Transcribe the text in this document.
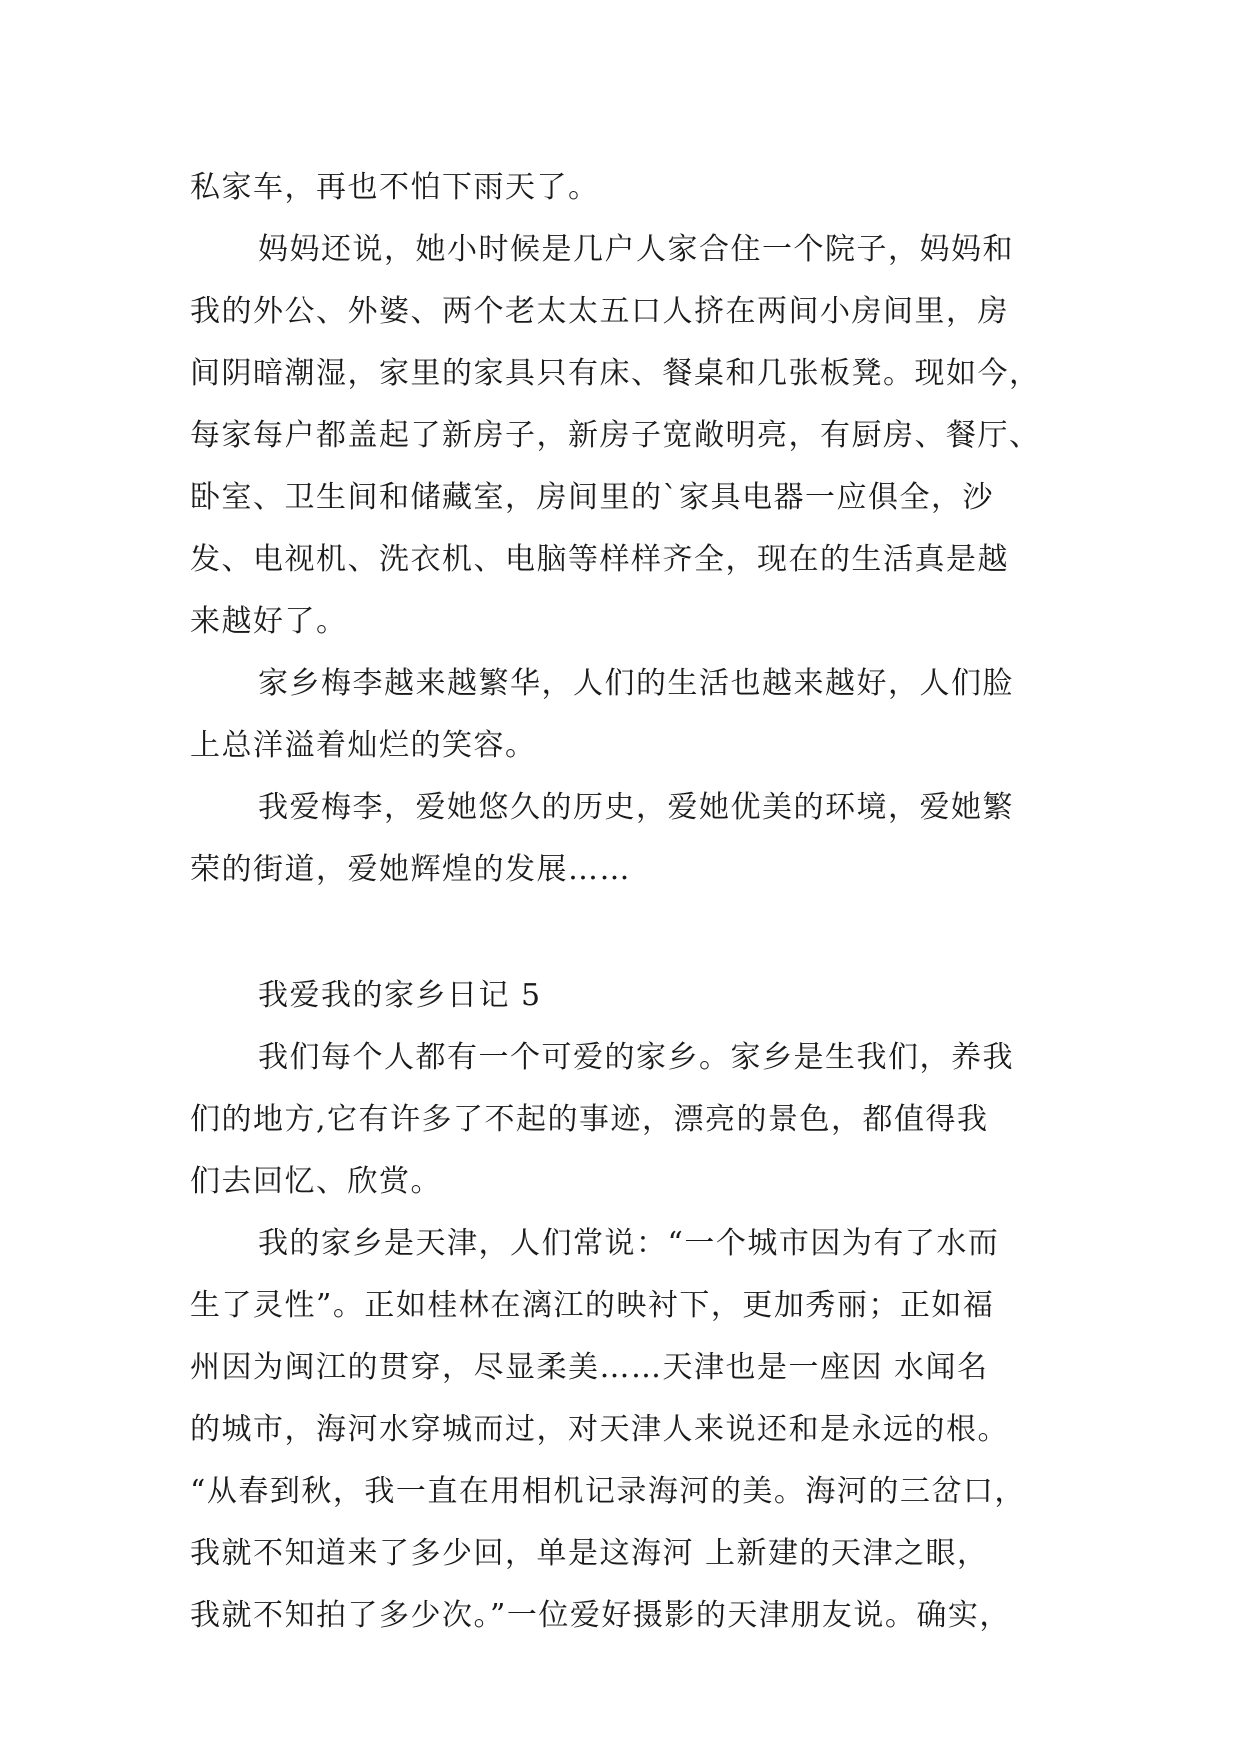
私家车，再也不怕下雨天了。
妈妈还说，她小时候是几户人家合住一个院子，妈妈和
我的外公、外婆、两个老太太五口人挤在两间小房间里，房
间阴暗潮湿，家里的家具只有床、餐桌和几张板凳。现如今，
每家每户都盖起了新房子，新房子宽敞明亮，有厨房、餐厅、
卧室、卫生间和储藏室，房间里的`家具电器一应俱全，沙
发、电视机、洗衣机、电脑等样样齐全，现在的生活真是越
来越好了。
家乡梅李越来越繁华，人们的生活也越来越好，人们脸
上总洋溢着灿烂的笑容。
我爱梅李，爱她悠久的历史，爱她优美的环境，爱她繁
荣的街道，爱她辉煌的发展……
我爱我的家乡日记 5
我们每个人都有一个可爱的家乡。家乡是生我们，养我
们的地方,它有许多了不起的事迹，漂亮的景色，都值得我
们去回忆、欣赏。
我的家乡是天津，人们常说：“一个城市因为有了水而
生了灵性”。正如桂林在漓江的映衬下，更加秀丽；正如福
州因为闽江的贯穿，尽显柔美……天津也是一座因 水闻名
的城市，海河水穿城而过，对天津人来说还和是永远的根。
“从春到秋，我一直在用相机记录海河的美。海河的三岔口，
我就不知道来了多少回，单是这海河 上新建的天津之眼，
我就不知拍了多少次。”一位爱好摄影的天津朋友说。确实，
